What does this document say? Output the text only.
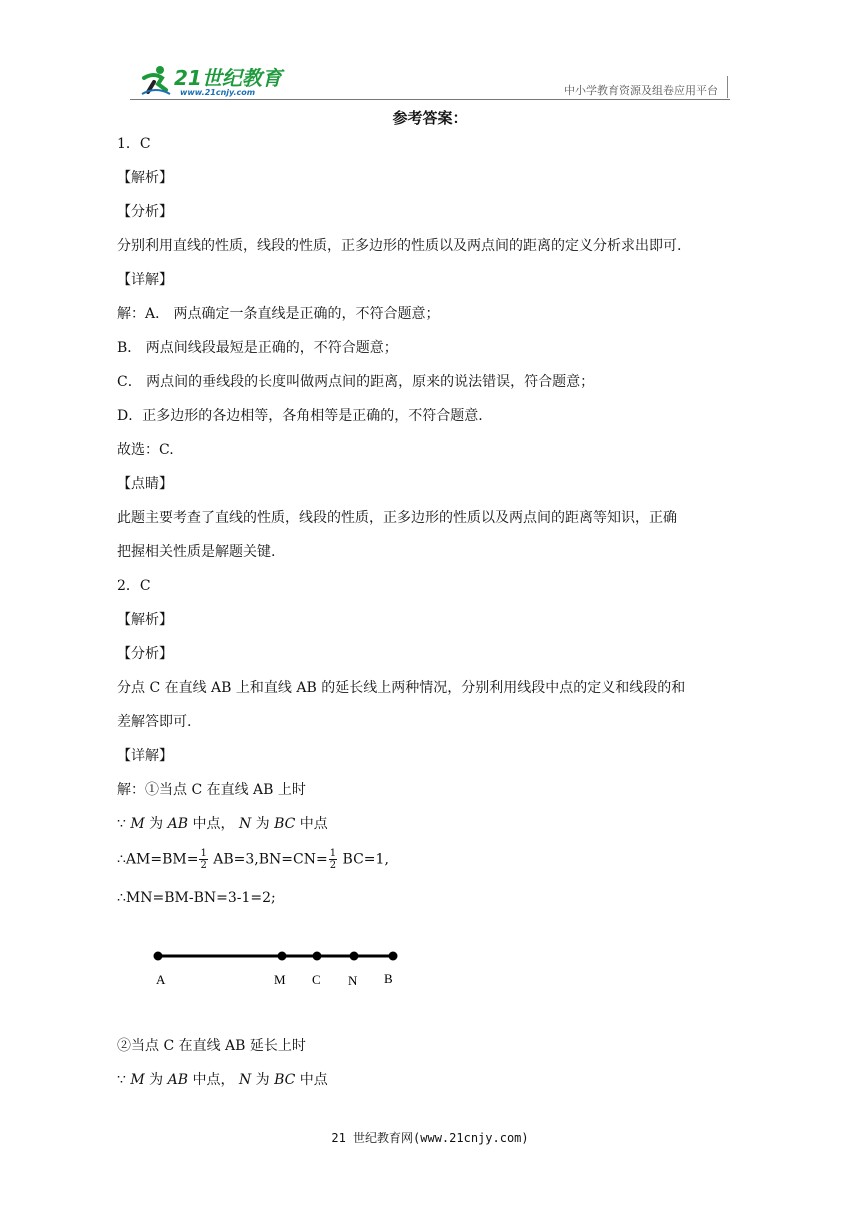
21世纪教育
www.21cnjy.com	中小学教育资源及组卷应用平台
参考答案：
1．C
【解析】
【分析】
分别利用直线的性质，线段的性质，正多边形的性质以及两点间的距离的定义分析求出即可.
【详解】
解：A． 两点确定一条直线是正确的，不符合题意；
B． 两点间线段最短是正确的，不符合题意；
C． 两点间的垂线段的长度叫做两点间的距离，原来的说法错误，符合题意；
D．正多边形的各边相等，各角相等是正确的，不符合题意.
故选：C.
【点睛】
此题主要考查了直线的性质，线段的性质，正多边形的性质以及两点间的距离等知识，正确
把握相关性质是解题关键.
2．C
【解析】
【分析】
分点 C 在直线 AB 上和直线 AB 的延长线上两种情况，分别利用线段中点的定义和线段的和
差解答即可.
【详解】
解：①当点 C 在直线 AB 上时
∵ M 为 AB 中点， N 为 BC 中点
∴AM=BM= $\frac{1}{2} AB=3,BN=CN= \frac{1}{2} BC=1$,
∴MN=BM-BN=3-1=2;
A	M C N B
②当点 C 在直线 AB 延长上时
∵ M 为 AB 中点， N 为 BC 中点
21 世纪教育网(www.21cnjy.com)
